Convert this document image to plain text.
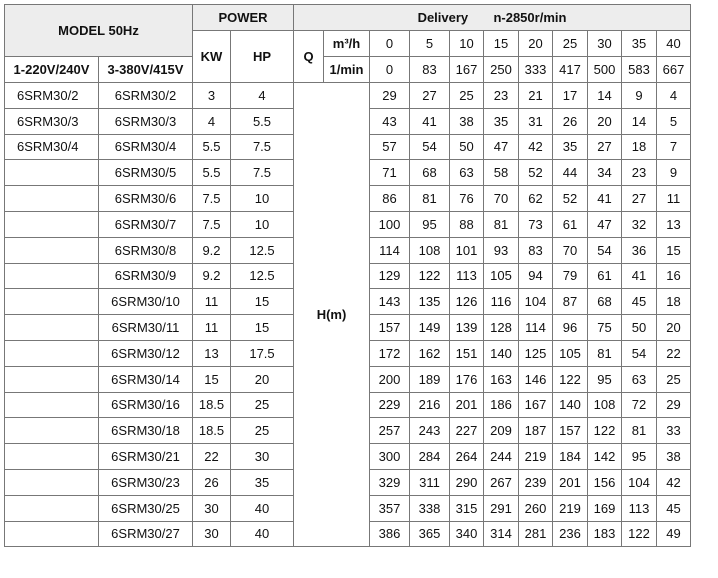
MODEL 50Hz		POWER		Delivery n-2850r/min										
		KW	HP	Q	m³/h	0	5	10	15	20	25	30	35	40
1-220V/240V	3-380V/415V				1/min	0	83	167	250	333	417	500	583	667

6SRM30/2	6SRM30/2	3	4	H(m)		29	27	25	23	21	17	14	9	4
6SRM30/3	6SRM30/3	4	5.5			43	41	38	35	31	26	20	14	5
6SRM30/4	6SRM30/4	5.5	7.5			57	54	50	47	42	35	27	18	7
	6SRM30/5	5.5	7.5			71	68	63	58	52	44	34	23	9
	6SRM30/6	7.5	10			86	81	76	70	62	52	41	27	11
	6SRM30/7	7.5	10			100	95	88	81	73	61	47	32	13
	6SRM30/8	9.2	12.5			114	108	101	93	83	70	54	36	15
	6SRM30/9	9.2	12.5			129	122	113	105	94	79	61	41	16
	6SRM30/10	11	15			143	135	126	116	104	87	68	45	18
	6SRM30/11	11	15			157	149	139	128	114	96	75	50	20
	6SRM30/12	13	17.5			172	162	151	140	125	105	81	54	22
	6SRM30/14	15	20			200	189	176	163	146	122	95	63	25
	6SRM30/16	18.5	25			229	216	201	186	167	140	108	72	29
	6SRM30/18	18.5	25			257	243	227	209	187	157	122	81	33
	6SRM30/21	22	30			300	284	264	244	219	184	142	95	38
	6SRM30/23	26	35			329	311	290	267	239	201	156	104	42
	6SRM30/25	30	40			357	338	315	291	260	219	169	113	45
	6SRM30/27	30	40			386	365	340	314	281	236	183	122	49
